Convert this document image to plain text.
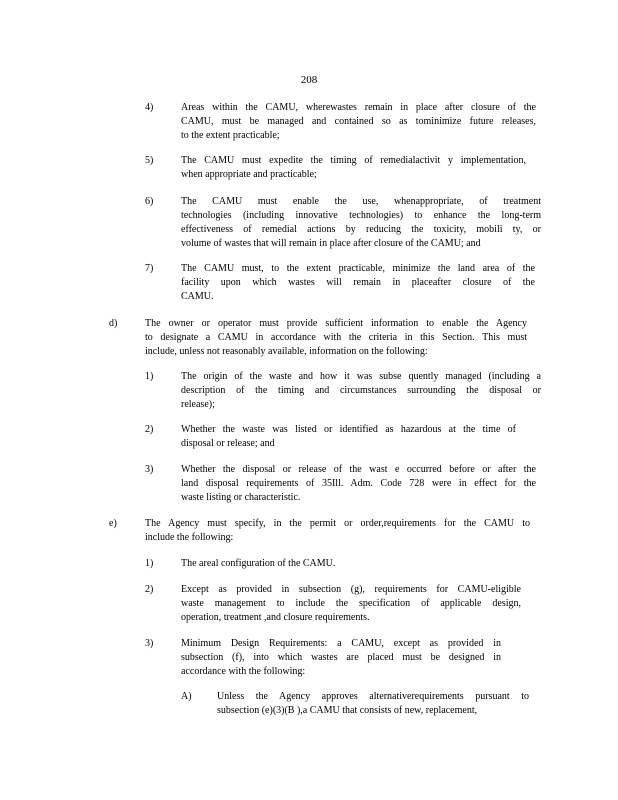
208
4)	Areas within the CAMU, wherewastes remain in place after closure of the
CAMU, must be managed and contained so as tominimize future releases,
to the extent practicable;
5)	The CAMU must expedite the timing of remedialactivit y implementation,
when appropriate and practicable;
6)	The CAMU must enable the use, whenappropriate, of treatment
technologies (including innovative technologies) to enhance the long-term
effectiveness of remedial actions by reducing the toxicity, mobili ty, or
volume of wastes that will remain in place after closure of the CAMU; and
7)	The CAMU must, to the extent practicable, minimize the land area of the
facility upon which wastes will remain in placeafter closure of the
CAMU.
d)	The owner or operator must provide sufficient information to enable the Agency
to designate a CAMU in accordance with the criteria in this Section. This must
include, unless not reasonably available, information on the following:
1)	The origin of the waste and how it was subse quently managed (including a
description of the timing and circumstances surrounding the disposal or
release);
2)	Whether the waste was listed or identified as hazardous at the time of
disposal or release; and
3)	Whether the disposal or release of the wast e occurred before or after the
land disposal requirements of 35Ill. Adm. Code 728 were in effect for the
waste listing or characteristic.
e)	The Agency must specify, in the permit or order,requirements for the CAMU to
include the following:
1)	The areal configuration of the CAMU.
2)	Except as provided in subsection (g), requirements for CAMU-eligible
waste management to include the specification of applicable design,
operation, treatment ,and closure requirements.
3)	Minimum Design Requirements: a CAMU, except as provided in
subsection (f), into which wastes are placed must be designed in
accordance with the following:
A)	Unless the Agency approves alternativerequirements pursuant to
subsection (e)(3)(B ),a CAMU that consists of new, replacement,
